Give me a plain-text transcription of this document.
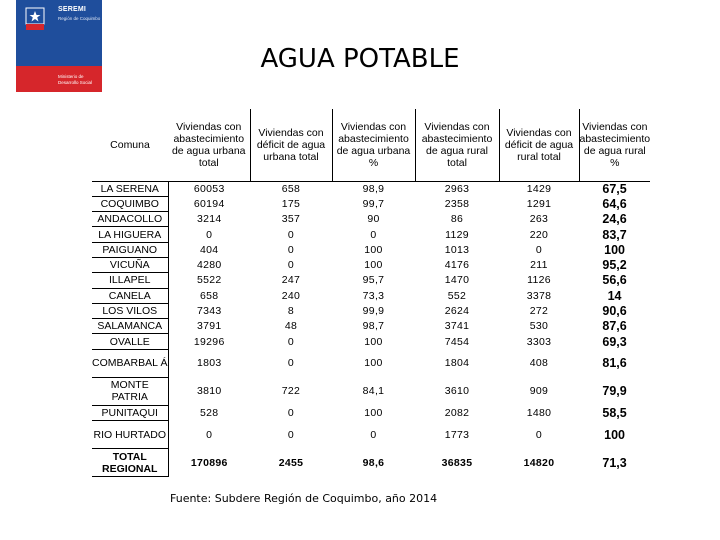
SEREMI
Región de Coquimbo
Ministerio de Desarrollo Social
AGUA POTABLE
Comuna	Viviendas con abastecimiento de agua urbana total	Viviendas con déficit de agua urbana total	Viviendas con abastecimiento de agua urbana %	Viviendas con abastecimiento de agua rural total	Viviendas con déficit de agua rural total	Viviendas con abastecimiento de agua rural %
LA SERENA	60053	658	98,9	2963	1429	67,5
COQUIMBO	60194	175	99,7	2358	1291	64,6
ANDACOLLO	3214	357	90	86	263	24,6
LA HIGUERA	0	0	0	1129	220	83,7
PAIGUANO	404	0	100	1013	0	100
VICUÑA	4280	0	100	4176	211	95,2
ILLAPEL	5522	247	95,7	1470	1126	56,6
CANELA	658	240	73,3	552	3378	14
LOS VILOS	7343	8	99,9	2624	272	90,6
SALAMANCA	3791	48	98,7	3741	530	87,6
OVALLE	19296	0	100	7454	3303	69,3
COMBARBAL Á	1803	0	100	1804	408	81,6
MONTE PATRIA	3810	722	84,1	3610	909	79,9
PUNITAQUI	528	0	100	2082	1480	58,5
RIO HURTADO	0	0	0	1773	0	100
TOTAL REGIONAL	170896	2455	98,6	36835	14820	71,3
Fuente: Subdere Región de Coquimbo, año 2014
